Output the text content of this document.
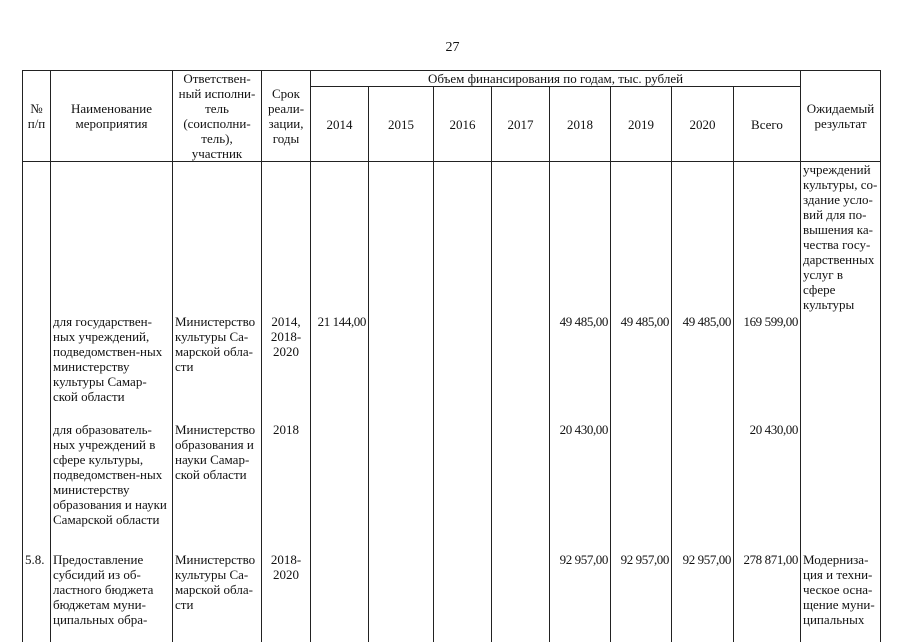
27
№ п/п	Наименование мероприятия	Ответствен-ный исполни-тель (соисполни-тель), участник	Срок реали-зации, годы	Объем финансирования по годам, тыс. рублей								Ожидаемый результат
				2014	2015	2016	2017	2018	2019	2020	Всего	
												учреждений культуры, со-здание усло-вий для по-вышения ка-чества госу-дарственных услуг в сфере культуры
	для государствен-ных учреждений, подведомствен-ных министерству культуры Самар-ской области	Министерство культуры Са-марской обла-сти	2014, 2018-2020	21 144,00				49 485,00	49 485,00	49 485,00	169 599,00	
	для образователь-ных учреждений в сфере культуры, подведомствен-ных министерству образования и науки Самарской области	Министерство образования и науки Самар-ской области	2018					20 430,00			20 430,00	
5.8.	Предоставление субсидий из об-ластного бюджета бюджетам муни-ципальных обра-	Министерство культуры Са-марской обла-сти	2018-2020					92 957,00	92 957,00	92 957,00	278 871,00	Модерниза-ция и техни-ческое осна-щение муни-ципальных
